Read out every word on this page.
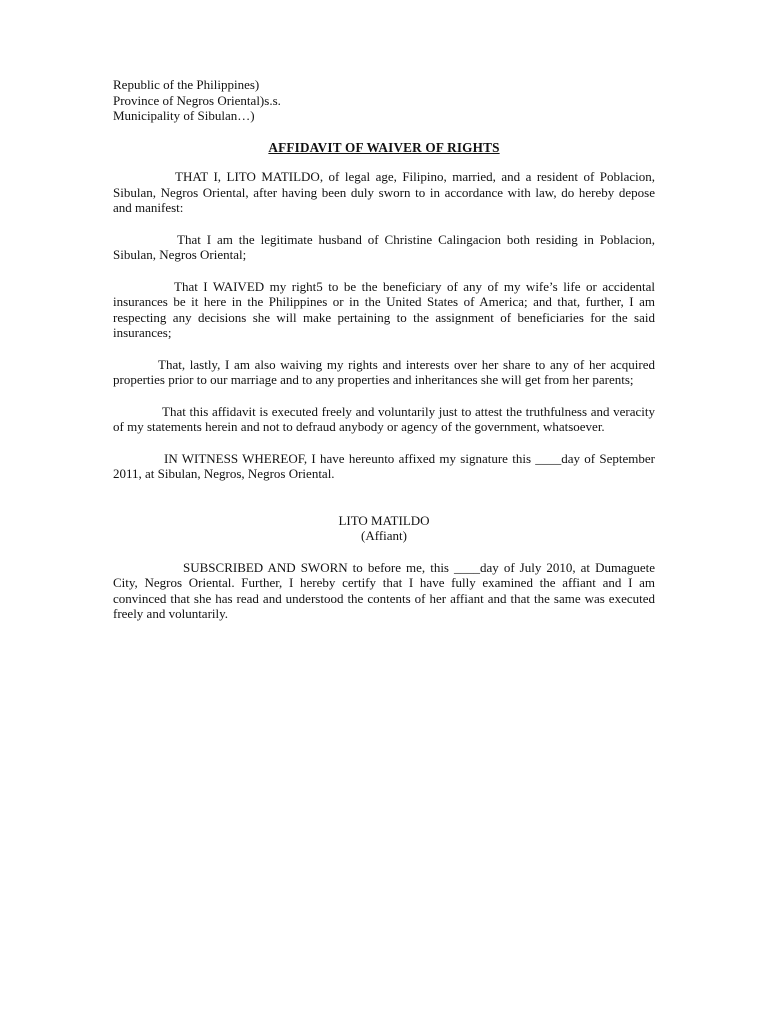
Republic of the Philippines)

Province of Negros Oriental)s.s.

Municipality of Sibulan…)

AFFIDAVIT OF WAIVER OF RIGHTS

THAT I, LITO MATILDO, of legal age, Filipino, married, and a resident of Poblacion, Sibulan, Negros Oriental, after having been duly sworn to in accordance with law, do hereby depose and manifest:

That I am the legitimate husband of Christine Calingacion both residing in Poblacion, Sibulan, Negros Oriental;

That I WAIVED my right5 to be the beneficiary of any of my wife’s life or accidental insurances be it here in the Philippines or in the United States of America; and that, further, I am respecting any decisions she will make pertaining to the assignment of beneficiaries for the said insurances;

That, lastly, I am also waiving my rights and interests over her share to any of her acquired properties prior to our marriage and to any properties and inheritances she will get from her parents;

That this affidavit is executed freely and voluntarily just to attest the truthfulness and veracity of my statements herein and not to defraud anybody or agency of the government, whatsoever.

IN WITNESS WHEREOF, I have hereunto affixed my signature this ____day of September 2011, at Sibulan, Negros, Negros Oriental.

LITO MATILDO
(Affiant)

SUBSCRIBED AND SWORN to before me, this ____day of July 2010, at Dumaguete City, Negros Oriental. Further, I hereby certify that I have fully examined the affiant and I am convinced that she has read and understood the contents of her affiant and that the same was executed freely and voluntarily.
